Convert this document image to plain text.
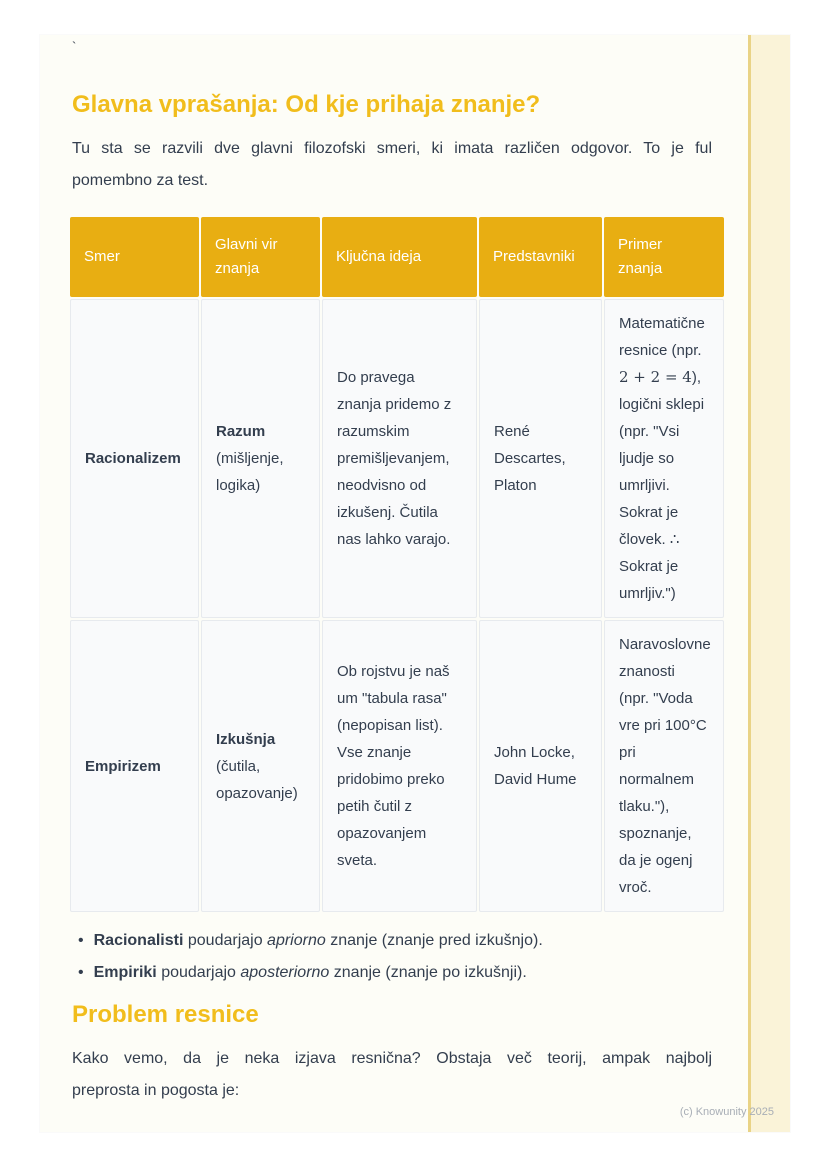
`
Glavna vprašanja: Od kje prihaja znanje?

Tu sta se razvili dve glavni filozofski smeri, ki imata različen odgovor. To je ful
pomembno za test.

Smer	Glavni vir znanja	Ključna ideja	Predstavniki	Primer znanja
Racionalizem	Razum (mišljenje, logika)	Do pravega znanja pridemo z razumskim premišljevanjem, neodvisno od izkušenj. Čutila nas lahko varajo.	René Descartes, Platon	Matematične resnice (npr. 2 + 2 = 4), logični sklepi (npr. "Vsi ljudje so umrljivi. Sokrat je človek. ∴ Sokrat je umrljiv.")
Empirizem	Izkušnja (čutila, opazovanje)	Ob rojstvu je naš um "tabula rasa" (nepopisan list). Vse znanje pridobimo preko petih čutil z opazovanjem sveta.	John Locke, David Hume	Naravoslovne znanosti (npr. "Voda vre pri 100°C pri normalnem tlaku."), spoznanje, da je ogenj vroč.
• Racionalisti poudarjajo apriorno znanje (znanje pred izkušnjo).
• Empiriki poudarjajo aposteriorno znanje (znanje po izkušnji).
Problem resnice

Kako vemo, da je neka izjava resnična? Obstaja več teorij, ampak najbolj
preprosta in pogosta je:

(c) Knowunity 2025
